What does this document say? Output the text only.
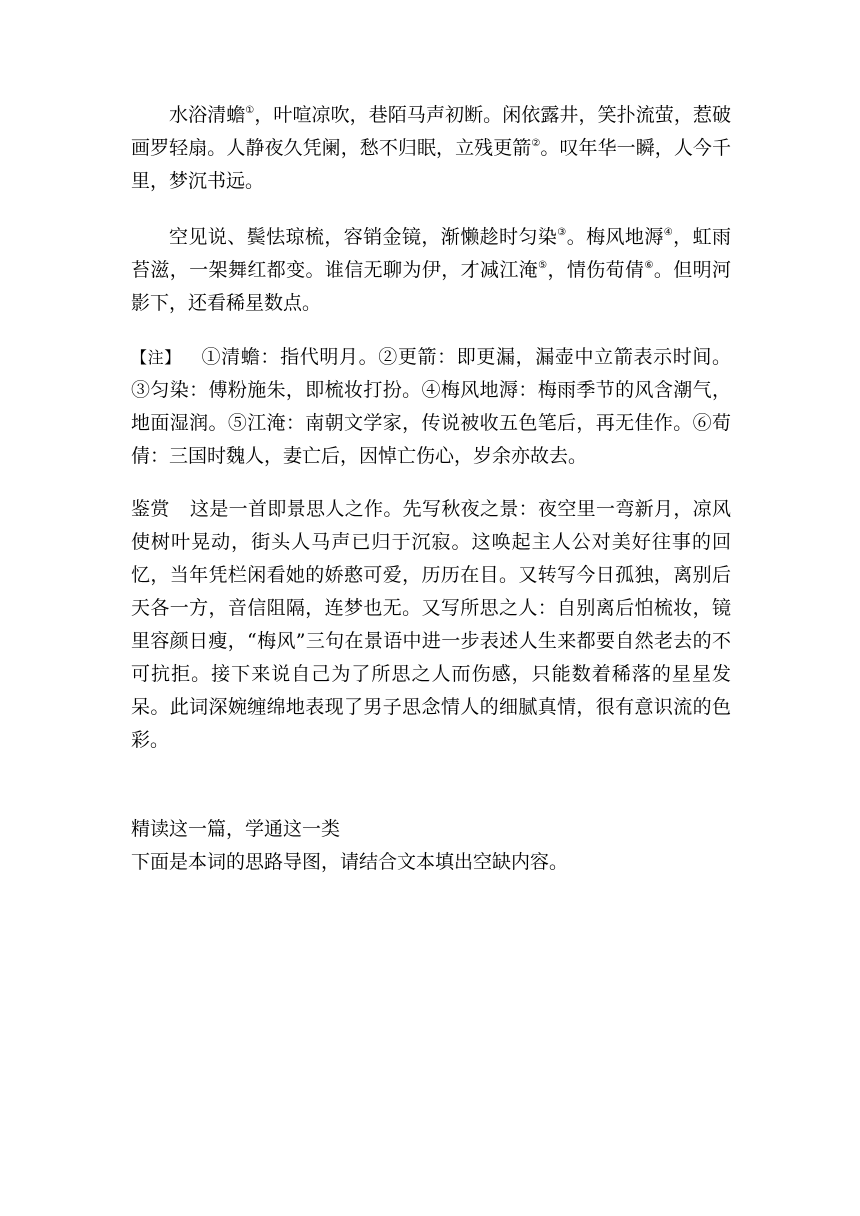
水浴清蟾①，叶喧凉吹，巷陌马声初断。闲依露井，笑扑流萤，惹破画罗轻扇。人静夜久凭阑，愁不归眠，立残更箭②。叹年华一瞬，人今千里，梦沉书远。

空见说、鬓怯琼梳，容销金镜，渐懒趁时匀染③。梅风地溽④，虹雨苔滋，一架舞红都变。谁信无聊为伊，才减江淹⑤，情伤荀倩⑥。但明河影下，还看稀星数点。

【注】 ①清蟾：指代明月。②更箭：即更漏，漏壶中立箭表示时间。③匀染：傅粉施朱，即梳妆打扮。④梅风地溽：梅雨季节的风含潮气，地面湿润。⑤江淹：南朝文学家，传说被收五色笔后，再无佳作。⑥荀倩：三国时魏人，妻亡后，因悼亡伤心，岁余亦故去。

鉴赏 这是一首即景思人之作。先写秋夜之景：夜空里一弯新月，凉风使树叶晃动，街头人马声已归于沉寂。这唤起主人公对美好往事的回忆，当年凭栏闲看她的娇憨可爱，历历在目。又转写今日孤独，离别后天各一方，音信阻隔，连梦也无。又写所思之人：自别离后怕梳妆，镜里容颜日瘦，“梅风”三句在景语中进一步表述人生来都要自然老去的不可抗拒。接下来说自己为了所思之人而伤感，只能数着稀落的星星发呆。此词深婉缠绵地表现了男子思念情人的细腻真情，很有意识流的色彩。

精读这一篇，学通这一类

下面是本词的思路导图，请结合文本填出空缺内容。
